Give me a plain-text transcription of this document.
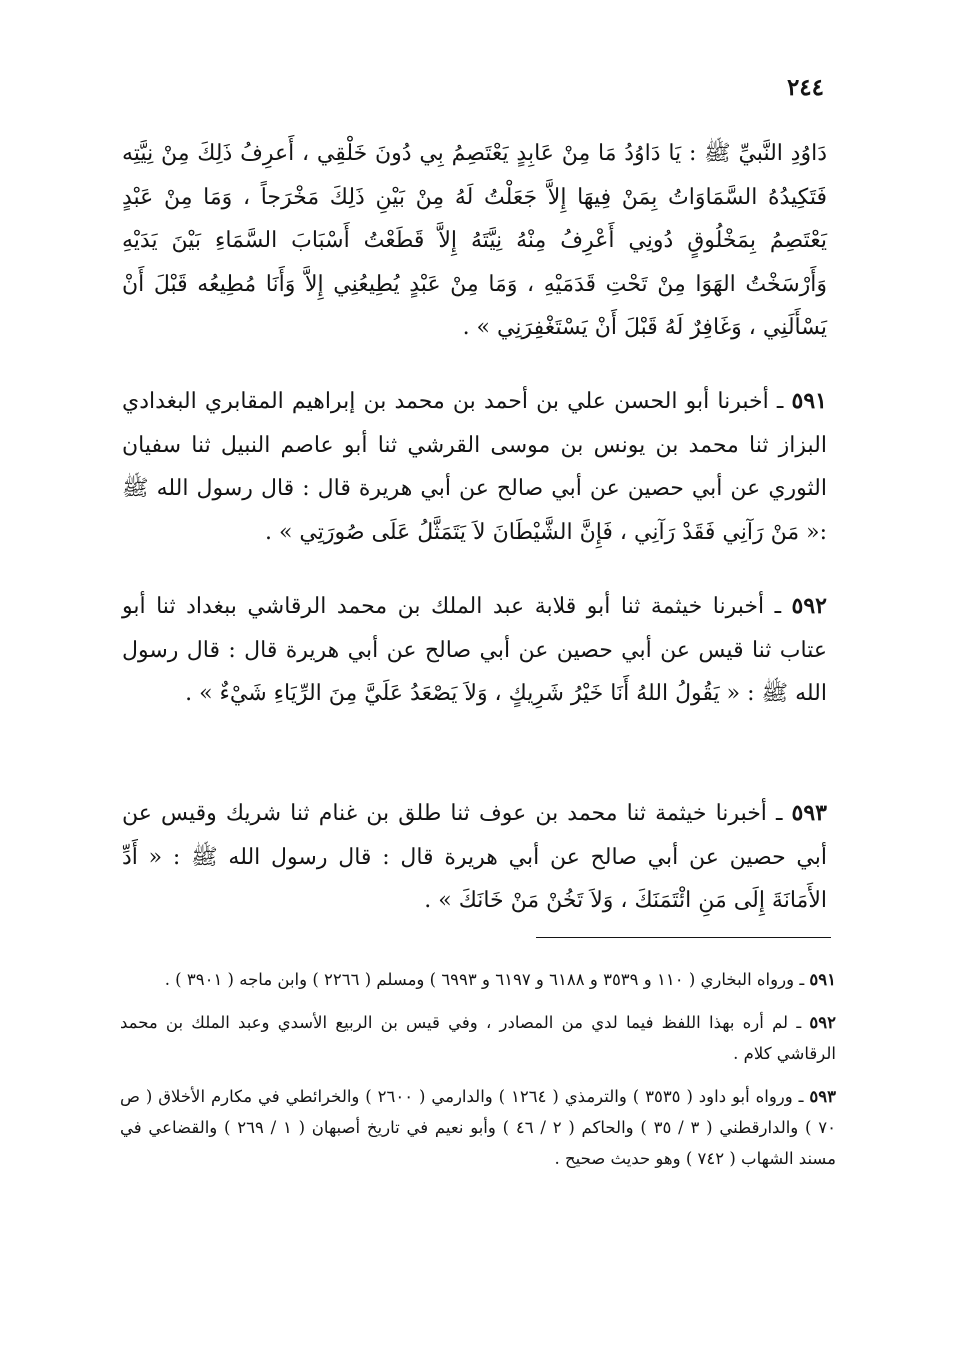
٢٤٤

دَاوُدِ النَّبيِّ ﷺ : يَا دَاوُدُ مَا مِنْ عَابِدٍ يَعْتَصِمُ بِي دُونَ خَلْقِي ، أَعرِفُ ذَلِكَ مِنْ نِيَّتِه فَتَكِيدُهُ السَّمَاوَاتُ بِمَنْ فِيهَا إِلاَّ جَعَلْتُ لَهُ مِنْ بَيْنِ ذَلِكَ مَخْرَجاً ، وَمَا مِنْ عَبْدٍ يَعْتَصِمُ بِمَخْلُوقٍ دُونِي أَعْرِفُ مِنْهُ نِيَّتَهُ إِلاَّ قَطَعْتُ أَسْبَابَ السَّمَاءِ بَيْنَ يَدَيْهِ وَأَرْسَخْتُ الهَوَا مِنْ تَحْتِ قَدَمَيْهِ ، وَمَا مِنْ عَبْدٍ يُطِيعُنِي إِلاَّ وَأَنَا مُطِيعُه قَبْلَ أَنْ يَسْأَلَنِي ، وَغَافِرٌ لَهُ قَبْلَ أَنْ يَسْتَغْفِرَنِي » .

٥٩١ ـ أخبرنا أبو الحسن علي بن أحمد بن محمد بن إبراهيم المقابري البغدادي البزاز ثنا محمد بن يونس بن موسى القرشي ثنا أبو عاصم النبيل ثنا سفيان الثوري عن أبي حصين عن أبي صالح عن أبي هريرة قال : قال رسول الله ﷺ :« مَنْ رَآنِي فَقَدْ رَآنِي ، فَإِنَّ الشَّيْطَانَ لاَ يَتَمَثَّلُ عَلَى صُورَتِي » .

٥٩٢ ـ أخبرنا خيثمة ثنا أبو قلابة عبد الملك بن محمد الرقاشي ببغداد ثنا أبو عتاب ثنا قيس عن أبي حصين عن أبي صالح عن أبي هريرة قال : قال رسول الله ﷺ : « يَقُولُ اللهُ أَنَا خَيْرُ شَرِيكٍ ، وَلاَ يَصْعَدُ عَلَيَّ مِنَ الرِّيَاءِ شَيْءٌ » .

٥٩٣ ـ أخبرنا خيثمة ثنا محمد بن عوف ثنا طلق بن غنام ثنا شريك وقيس عن أبي حصين عن أبي صالح عن أبي هريرة قال : قال رسول الله ﷺ : « أَدِّ الأَمَانَةَ إِلَى مَنِ ائْتَمَنَكَ ، وَلاَ تَخُنْ مَنْ خَانَكَ » .

٥٩١ ـ ورواه البخاري ( ١١٠ و ٣٥٣٩ و ٦١٨٨ و ٦١٩٧ و ٦٩٩٣ ) ومسلم ( ٢٢٦٦ ) وابن ماجه ( ٣٩٠١ ) .

٥٩٢ ـ لم أره بهذا اللفظ فيما لدي من المصادر ، وفي قيس بن الربيع الأسدي وعبد الملك بن محمد الرقاشي كلام .

٥٩٣ ـ ورواه أبو داود ( ٣٥٣٥ ) والترمذي ( ١٢٦٤ ) والدارمي ( ٢٦٠٠ ) والخرائطي في مكارم الأخلاق ( ص ٧٠ ) والدارقطني ( ٣ / ٣٥ ) والحاكم ( ٢ / ٤٦ ) وأبو نعيم في تاريخ أصبهان ( ١ / ٢٦٩ ) والقضاعي في مسند الشهاب ( ٧٤٢ ) وهو حديث صحيح .
